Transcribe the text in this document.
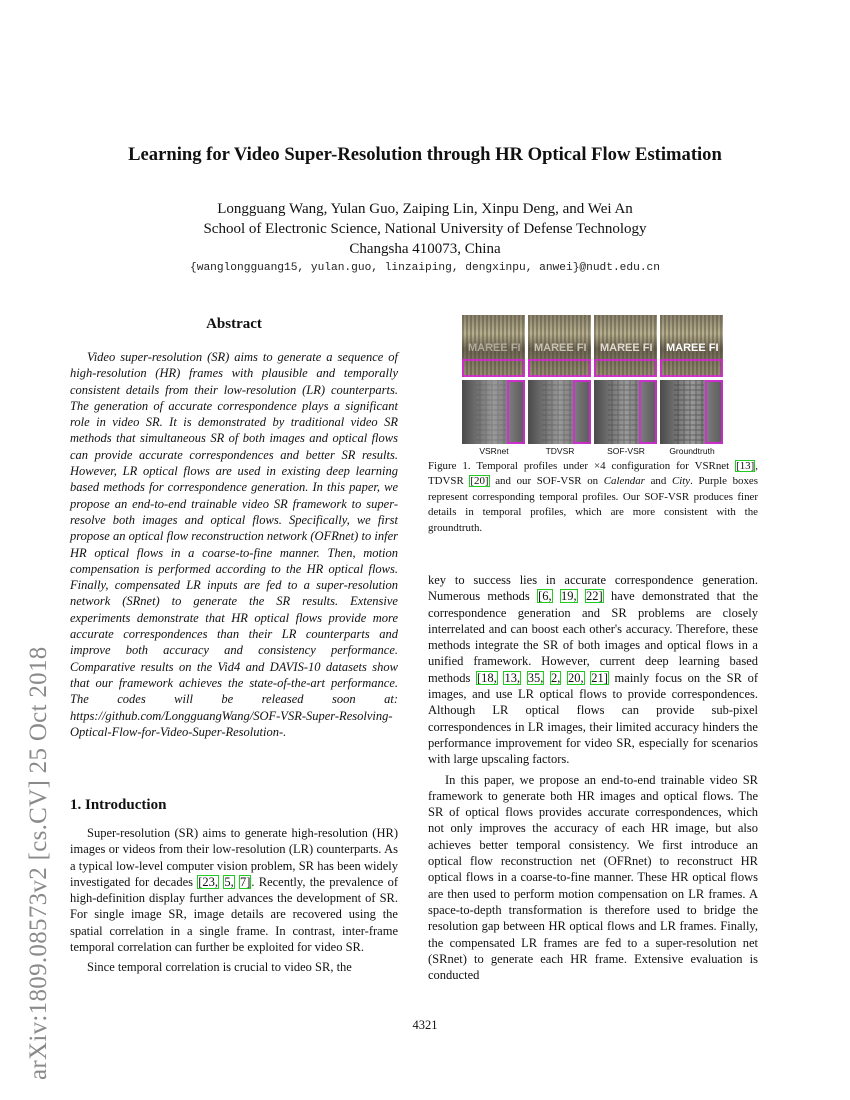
arXiv:1809.08573v2 [cs.CV] 25 Oct 2018
Learning for Video Super-Resolution through HR Optical Flow Estimation
Longguang Wang, Yulan Guo, Zaiping Lin, Xinpu Deng, and Wei An
School of Electronic Science, National University of Defense Technology
Changsha 410073, China
{wanglongguang15, yulan.guo, linzaiping, dengxinpu, anwei}@nudt.edu.cn
Abstract

Video super-resolution (SR) aims to generate a sequence of high-resolution (HR) frames with plausible and temporally consistent details from their low-resolution (LR) counterparts. The generation of accurate correspondence plays a significant role in video SR. It is demonstrated by traditional video SR methods that simultaneous SR of both images and optical flows can provide accurate correspondences and better SR results. However, LR optical flows are used in existing deep learning based methods for correspondence generation. In this paper, we propose an end-to-end trainable video SR framework to super-resolve both images and optical flows. Specifically, we first propose an optical flow reconstruction network (OFRnet) to infer HR optical flows in a coarse-to-fine manner. Then, motion compensation is performed according to the HR optical flows. Finally, compensated LR inputs are fed to a super-resolution network (SRnet) to generate the SR results. Extensive experiments demonstrate that HR optical flows provide more accurate correspondences than their LR counterparts and improve both accuracy and consistency performance. Comparative results on the Vid4 and DAVIS-10 datasets show that our framework achieves the state-of-the-art performance. The codes will be released soon at: https://github.com/LongguangWang/SOF-VSR-Super-Resolving-Optical-Flow-for-Video-Super-Resolution-.

1. Introduction

Super-resolution (SR) aims to generate high-resolution (HR) images or videos from their low-resolution (LR) counterparts. As a typical low-level computer vision problem, SR has been widely investigated for decades [23, 5, 7]. Recently, the prevalence of high-definition display further advances the development of SR. For single image SR, image details are recovered using the spatial correlation in a single frame. In contrast, inter-frame temporal correlation can further be exploited for video SR.

Since temporal correlation is crucial to video SR, the

MAREE FI MAREE FI MAREE FI MAREE FI
VSRnet	TDVSR	SOF-VSR	Groundtruth

Figure 1. Temporal profiles under ×4 configuration for VSRnet [13], TDVSR [20] and our SOF-VSR on Calendar and City. Purple boxes represent corresponding temporal profiles. Our SOF-VSR produces finer details in temporal profiles, which are more consistent with the groundtruth.

key to success lies in accurate correspondence generation. Numerous methods [6, 19, 22] have demonstrated that the correspondence generation and SR problems are closely interrelated and can boost each other's accuracy. Therefore, these methods integrate the SR of both images and optical flows in a unified framework. However, current deep learning based methods [18, 13, 35, 2, 20, 21] mainly focus on the SR of images, and use LR optical flows to provide correspondences. Although LR optical flows can provide sub-pixel correspondences in LR images, their limited accuracy hinders the performance improvement for video SR, especially for scenarios with large upscaling factors.

In this paper, we propose an end-to-end trainable video SR framework to generate both HR images and optical flows. The SR of optical flows provides accurate correspondences, which not only improves the accuracy of each HR image, but also achieves better temporal consistency. We first introduce an optical flow reconstruction net (OFRnet) to reconstruct HR optical flows in a coarse-to-fine manner. These HR optical flows are then used to perform motion compensation on LR frames. A space-to-depth transformation is therefore used to bridge the resolution gap between HR optical flows and LR frames. Finally, the compensated LR frames are fed to a super-resolution net (SRnet) to generate each HR frame. Extensive evaluation is conducted

4321
